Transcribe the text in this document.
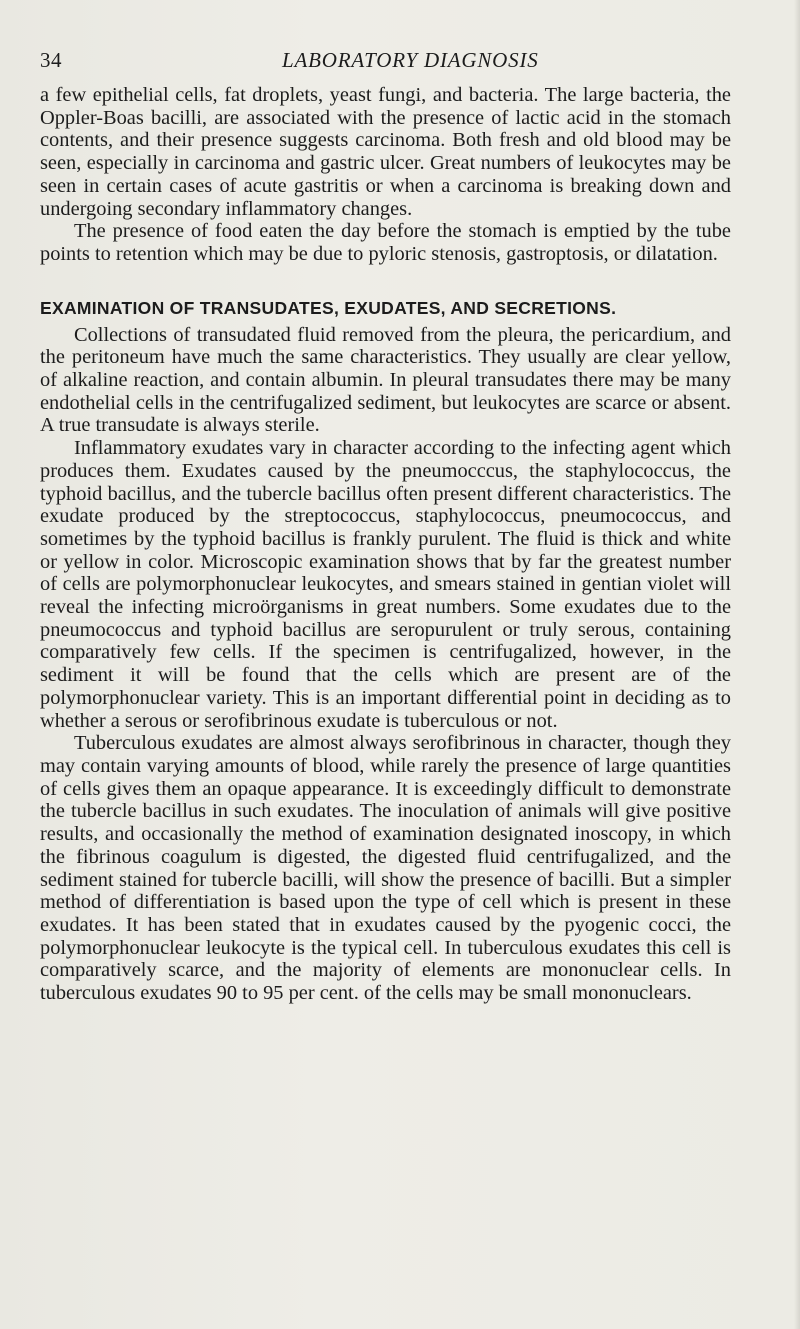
34	LABORATORY DIAGNOSIS

a few epithelial cells, fat droplets, yeast fungi, and bacteria. The large bacteria, the Oppler-Boas bacilli, are associated with the presence of lactic acid in the stomach contents, and their presence suggests carcinoma. Both fresh and old blood may be seen, especially in carcinoma and gastric ulcer. Great numbers of leukocytes may be seen in certain cases of acute gastritis or when a carcinoma is breaking down and undergoing secondary inflammatory changes.

The presence of food eaten the day before the stomach is emptied by the tube points to retention which may be due to pyloric stenosis, gastroptosis, or dilatation.

EXAMINATION OF TRANSUDATES, EXUDATES, AND SECRETIONS.

Collections of transudated fluid removed from the pleura, the pericardium, and the peritoneum have much the same characteristics. They usually are clear yellow, of alkaline reaction, and contain albumin. In pleural transudates there may be many endothelial cells in the centrifugalized sediment, but leukocytes are scarce or absent. A true transudate is always sterile.

Inflammatory exudates vary in character according to the infecting agent which produces them. Exudates caused by the pneumocccus, the staphylococcus, the typhoid bacillus, and the tubercle bacillus often present different characteristics. The exudate produced by the streptococcus, staphylococcus, pneumococcus, and sometimes by the typhoid bacillus is frankly purulent. The fluid is thick and white or yellow in color. Microscopic examination shows that by far the greatest number of cells are polymorphonuclear leukocytes, and smears stained in gentian violet will reveal the infecting microörganisms in great numbers. Some exudates due to the pneumococcus and typhoid bacillus are seropurulent or truly serous, containing comparatively few cells. If the specimen is centrifugalized, however, in the sediment it will be found that the cells which are present are of the polymorphonuclear variety. This is an important differential point in deciding as to whether a serous or serofibrinous exudate is tuberculous or not.

Tuberculous exudates are almost always serofibrinous in character, though they may contain varying amounts of blood, while rarely the presence of large quantities of cells gives them an opaque appearance. It is exceedingly difficult to demonstrate the tubercle bacillus in such exudates. The inoculation of animals will give positive results, and occasionally the method of examination designated inoscopy, in which the fibrinous coagulum is digested, the digested fluid centrifugalized, and the sediment stained for tubercle bacilli, will show the presence of bacilli. But a simpler method of differentiation is based upon the type of cell which is present in these exudates. It has been stated that in exudates caused by the pyogenic cocci, the polymorphonuclear leukocyte is the typical cell. In tuberculous exudates this cell is comparatively scarce, and the majority of elements are mononuclear cells. In tuberculous exudates 90 to 95 per cent. of the cells may be small mononuclears.
